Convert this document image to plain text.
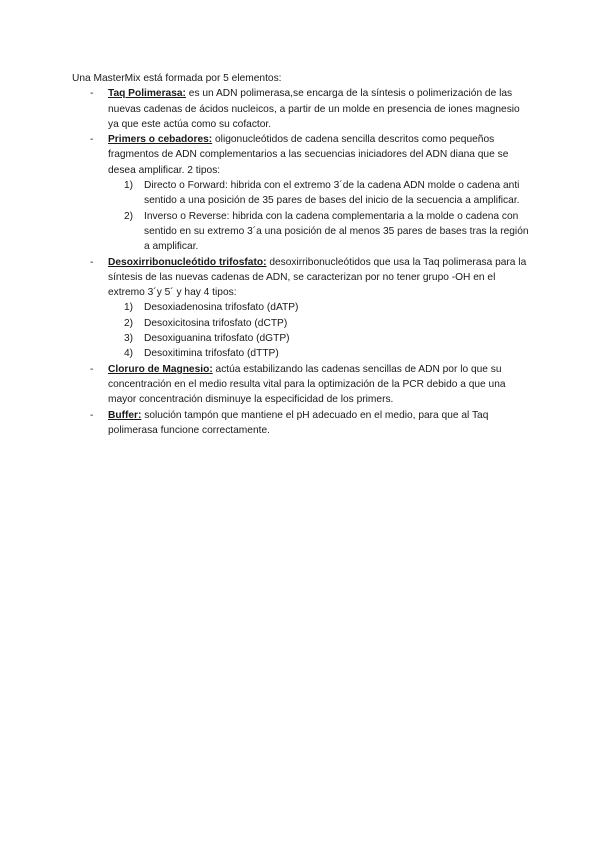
Una MasterMix está formada por 5 elementos:

- Taq Polimerasa: es un ADN polimerasa,se encarga de la síntesis o polimerización de las nuevas cadenas de ácidos nucleicos, a partir de un molde en presencia de iones magnesio ya que este actúa como su cofactor.
- Primers o cebadores: oligonucleótidos de cadena sencilla descritos como pequeños fragmentos de ADN complementarios a las secuencias iniciadores del ADN diana que se desea amplificar. 2 tipos:
1) Directo o Forward: hibrida con el extremo 3´de la cadena ADN molde o cadena anti sentido a una posición de 35 pares de bases del inicio de la secuencia a amplificar.
2) Inverso o Reverse: hibrida con la cadena complementaria a la molde o cadena con sentido en su extremo 3´a una posición de al menos 35 pares de bases tras la región a amplificar.
- Desoxirribonucleótido trifosfato: desoxirribonucleótidos que usa la Taq polimerasa para la síntesis de las nuevas cadenas de ADN, se caracterizan por no tener grupo -OH en el extremo 3´y 5´ y hay 4 tipos:
1) Desoxiadenosina trifosfato (dATP)
2) Desoxicitosina trifosfato (dCTP)
3) Desoxiguanina trifosfato (dGTP)
4) Desoxitimina trifosfato (dTTP)
- Cloruro de Magnesio: actúa estabilizando las cadenas sencillas de ADN por lo que su concentración en el medio resulta vital para la optimización de la PCR debido a que una mayor concentración disminuye la especificidad de los primers.
- Buffer: solución tampón que mantiene el pH adecuado en el medio, para que al Taq polimerasa funcione correctamente.
